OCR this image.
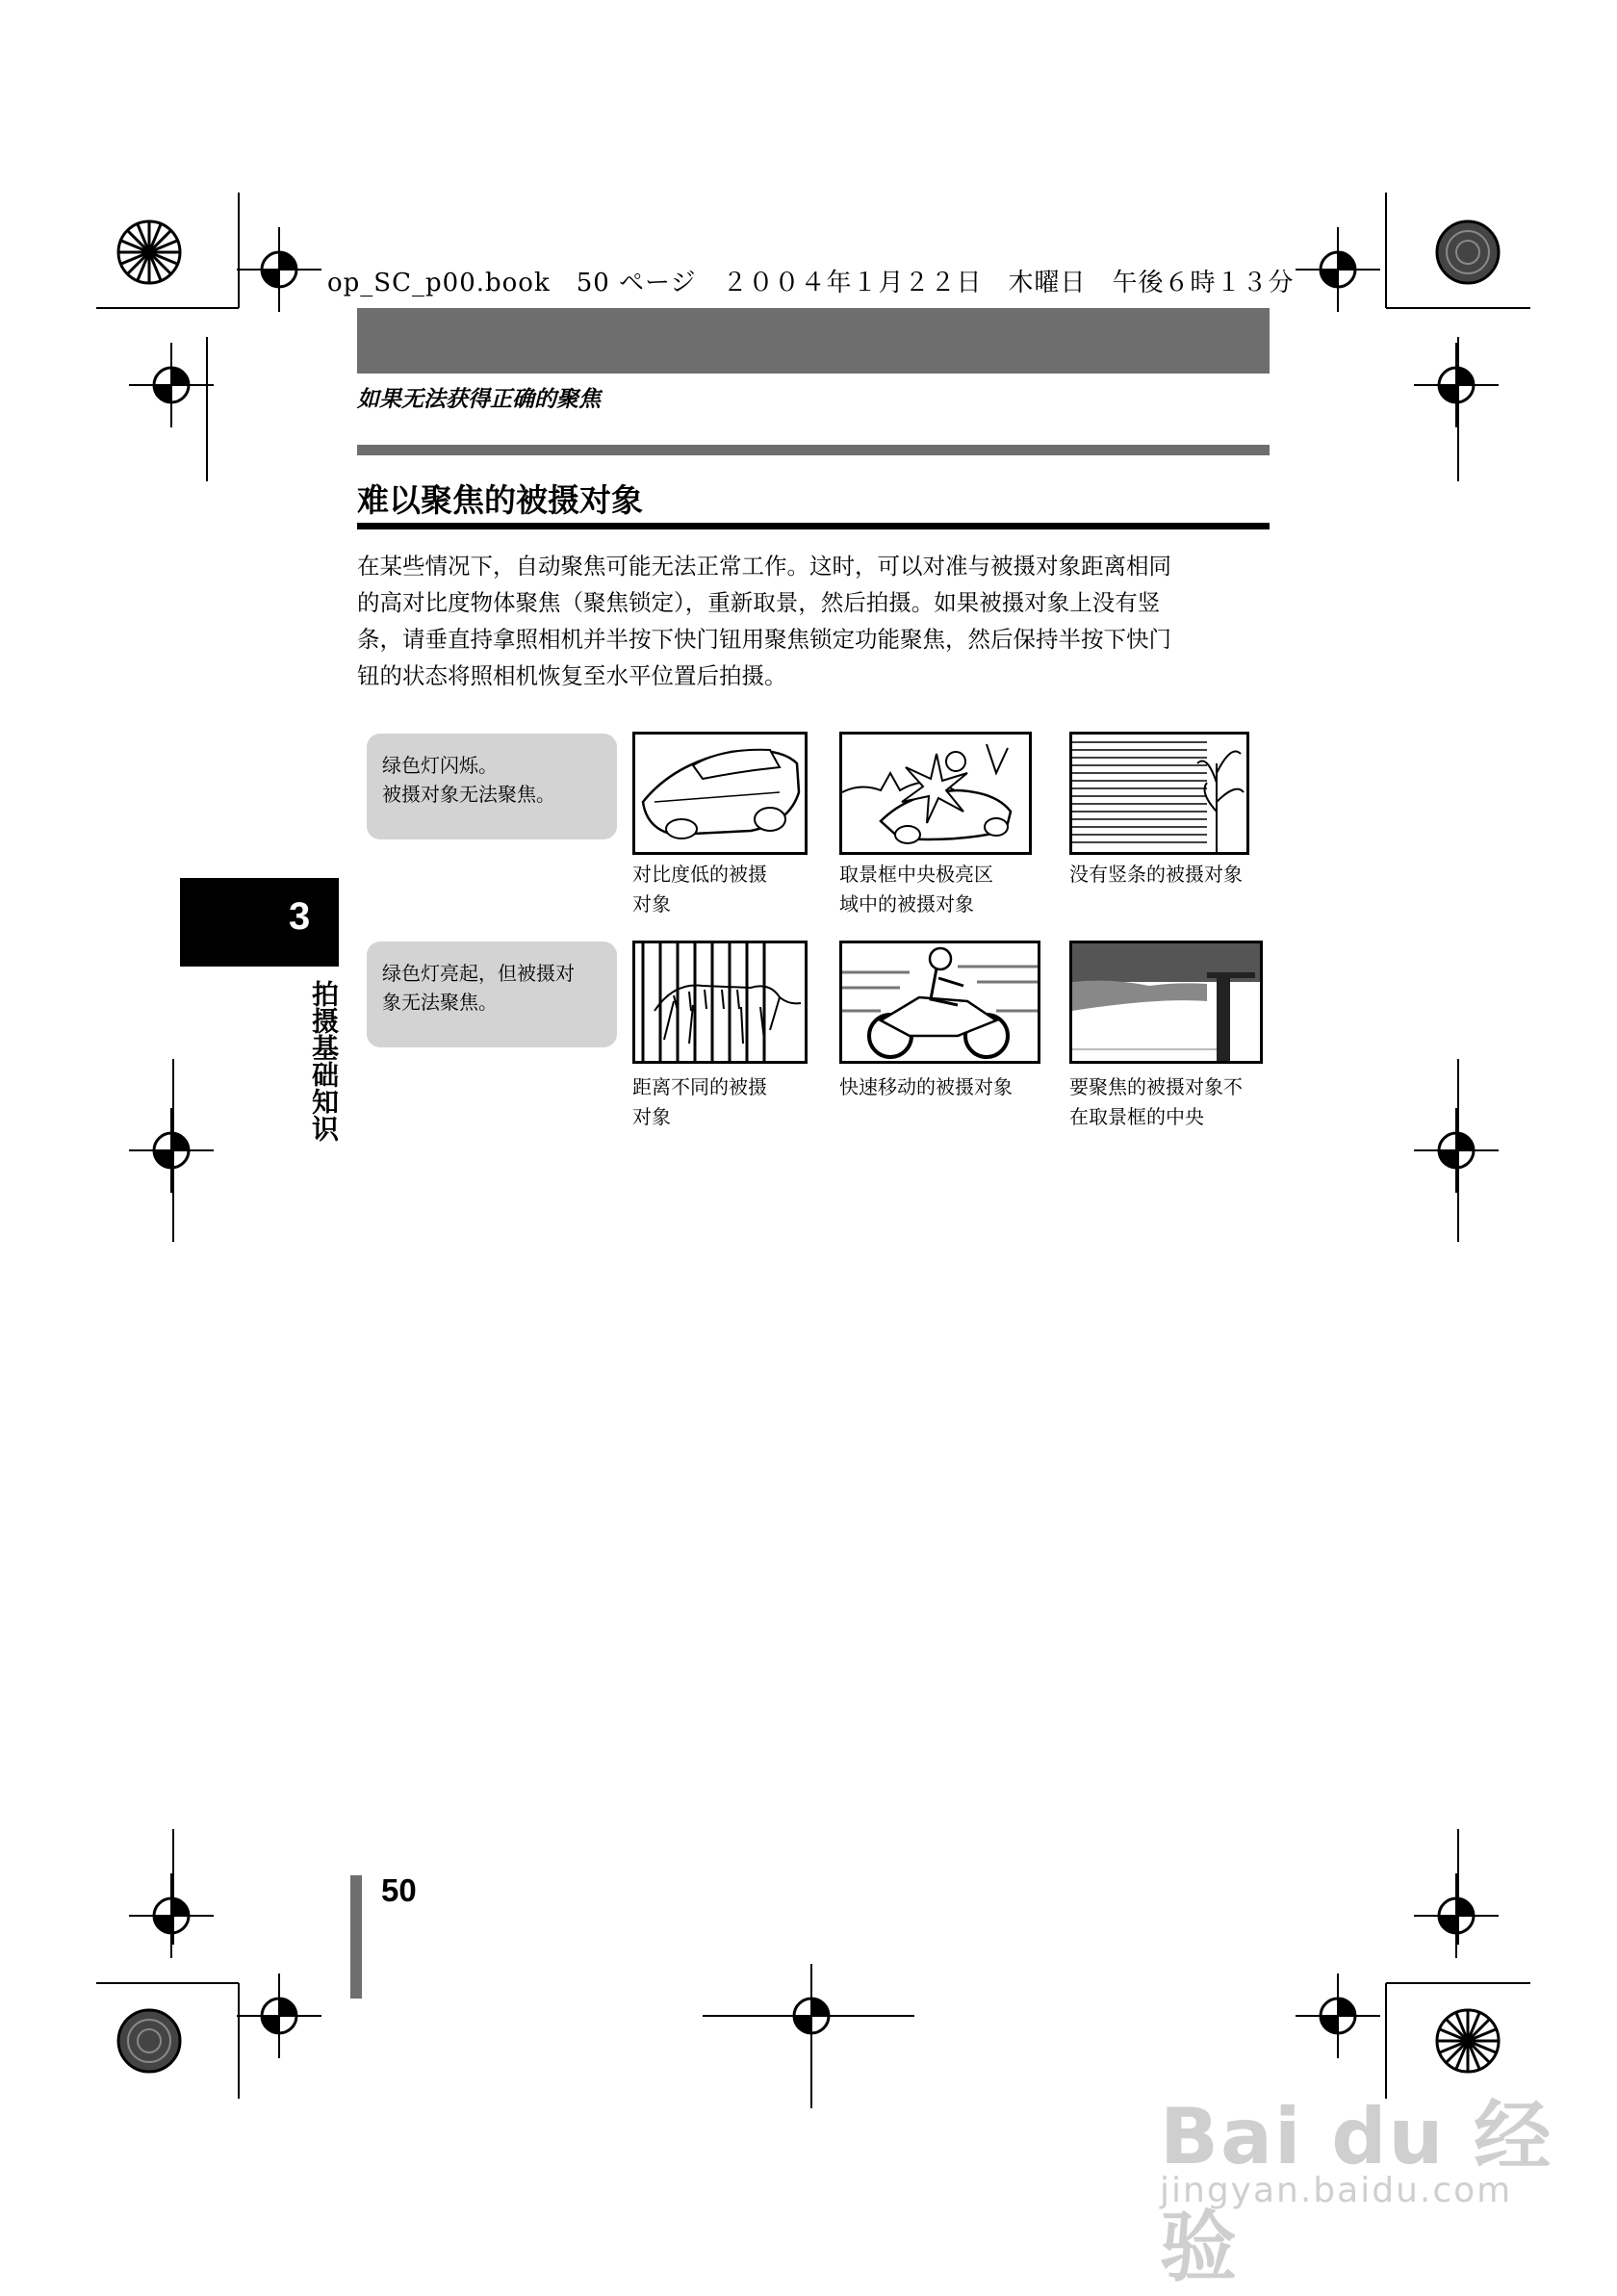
op_SC_p00.book　50 ページ　２００４年１月２２日　木曜日　午後６時１３分
如果无法获得正确的聚焦
难以聚焦的被摄对象

在某些情况下，自动聚焦可能无法正常工作。这时，可以对准与被摄对象距离相同

的高对比度物体聚焦（聚焦锁定），重新取景，然后拍摄。如果被摄对象上没有竖

条，请垂直持拿照相机并半按下快门钮用聚焦锁定功能聚焦，然后保持半按下快门

钮的状态将照相机恢复至水平位置后拍摄。

绿色灯闪烁。

被摄对象无法聚焦。

绿色灯亮起，但被摄对

象无法聚焦。

对比度低的被摄

对象

取景框中央极亮区

域中的被摄对象

没有竖条的被摄对象

距离不同的被摄

对象

快速移动的被摄对象	要聚焦的被摄对象不

在取景框的中央

3
拍摄基础知识
50
Bai du 经验
jingyan.baidu.com
